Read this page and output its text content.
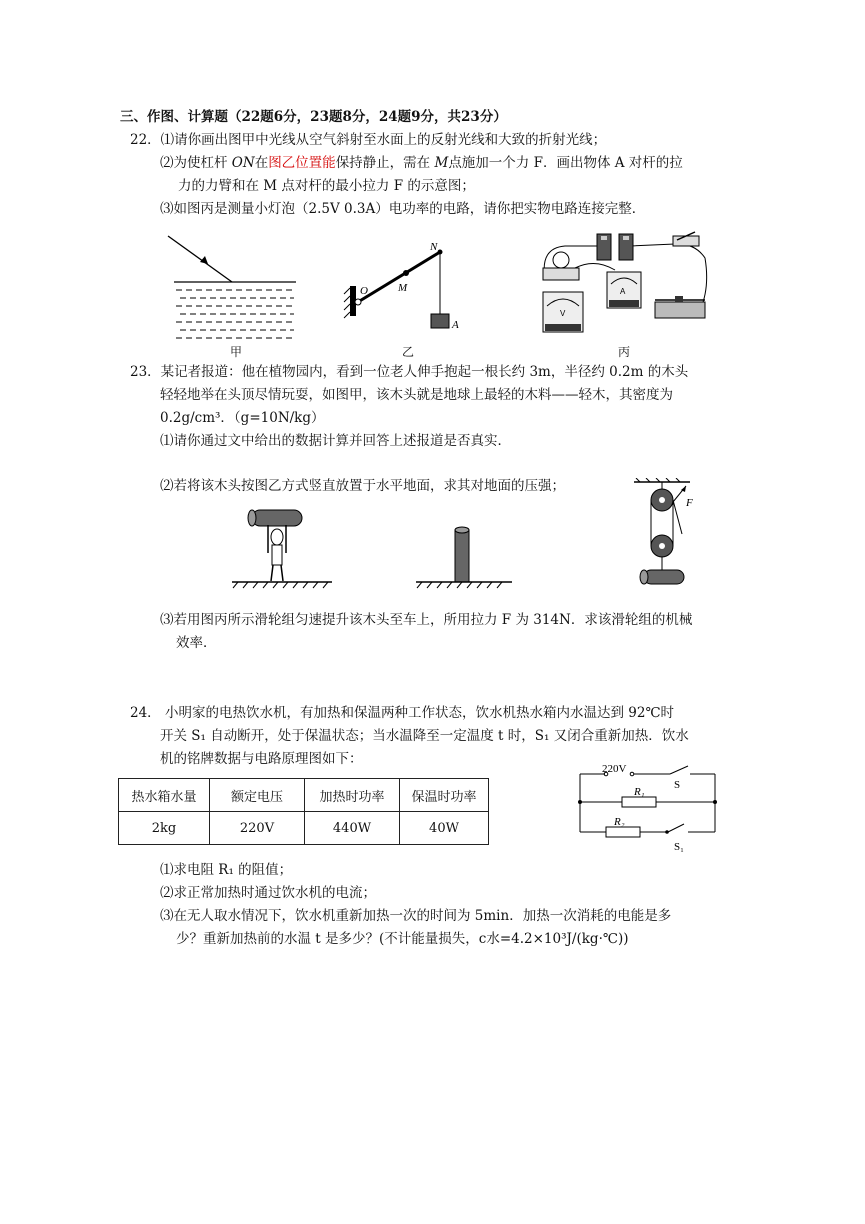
三、作图、计算题（22题6分，23题8分，24题9分，共23分）
22．⑴请你画出图甲中光线从空气斜射至水面上的反射光线和大致的折射光线；
⑵为使杠杆 ON在图乙位置能保持静止，需在 M点施加一个力 F．画出物体 A 对杆的拉
力的力臂和在 M 点对杆的最小拉力 F 的示意图；
⑶如图丙是测量小灯泡（2.5V 0.3A）电功率的电路，请你把实物电路连接完整．
甲
N
O	M
A
乙
A
V
丙
23．某记者报道：他在植物园内，看到一位老人伸手抱起一根长约 3m，半径约 0.2m 的木头
轻轻地举在头顶尽情玩耍，如图甲，该木头就是地球上最轻的木料——轻木，其密度为
0.2g/cm³．（g=10N/kg）
⑴请你通过文中给出的数据计算并回答上述报道是否真实．
⑵若将该木头按图乙方式竖直放置于水平地面，求其对地面的压强；
F
⑶若用图丙所示滑轮组匀速提升该木头至车上，所用拉力 F 为 314N．求该滑轮组的机械
效率．
24． 小明家的电热饮水机，有加热和保温两种工作状态，饮水机热水箱内水温达到 92℃时
开关 S₁ 自动断开，处于保温状态；当水温降至一定温度 t 时，S₁ 又闭合重新加热．饮水
机的铭牌数据与电路原理图如下：
热水箱水量	额定电压	加热时功率	保温时功率
2kg	220V	440W	40W
220V
S
R₁
R₂
S₁
⑴求电阻 R₁ 的阻值；
⑵求正常加热时通过饮水机的电流；
⑶在无人取水情况下，饮水机重新加热一次的时间为 5min．加热一次消耗的电能是多
少？重新加热前的水温 t 是多少？(不计能量损失，c水=4.2×10³J/(kg·℃))
